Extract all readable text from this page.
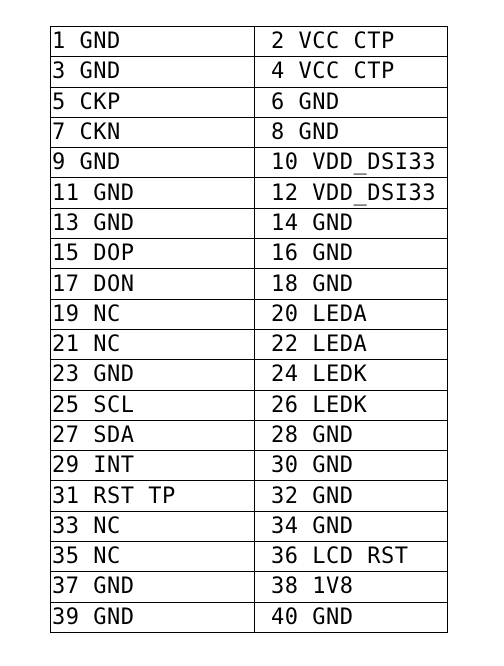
1 GND	2 VCC CTP
3 GND	4 VCC CTP
5 CKP	6 GND
7 CKN	8 GND
9 GND	10 VDD_DSI33
11 GND	12 VDD_DSI33
13 GND	14 GND
15 DOP	16 GND
17 DON	18 GND
19 NC	20 LEDA
21 NC	22 LEDA
23 GND	24 LEDK
25 SCL	26 LEDK
27 SDA	28 GND
29 INT	30 GND
31 RST TP	32 GND
33 NC	34 GND
35 NC	36 LCD RST
37 GND	38 1V8
39 GND	40 GND
